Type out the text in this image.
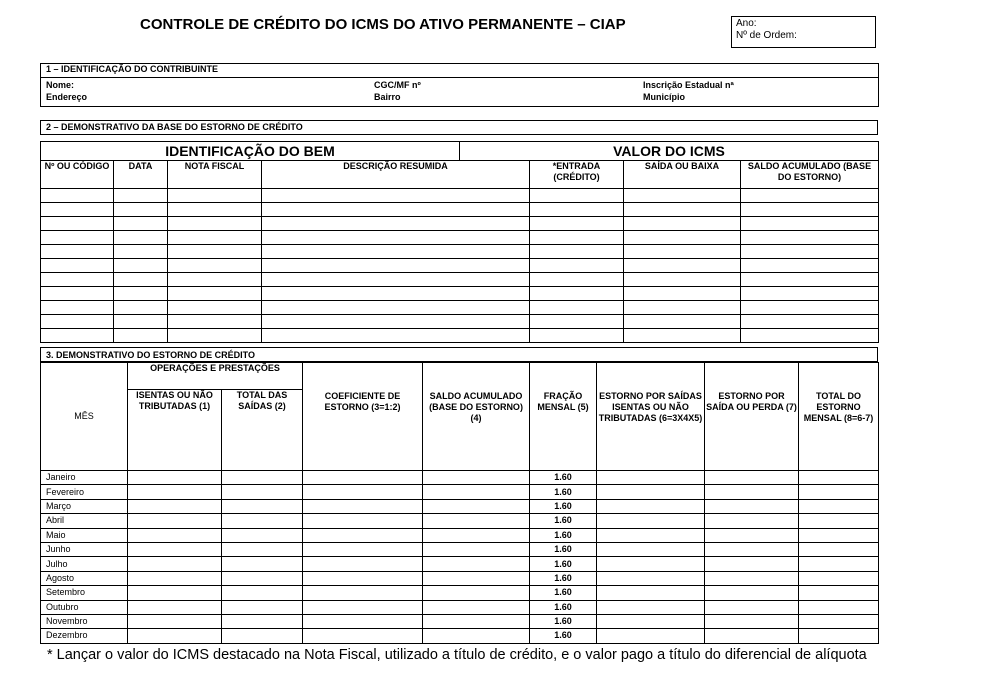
CONTROLE DE CRÉDITO DO ICMS DO ATIVO PERMANENTE – CIAP	Ano:
Nº de Ordem:
1 – IDENTIFICAÇÃO DO CONTRIBUINTE

Nome:	CGC/MF nº	Inscrição Estadual nª
Endereço	Bairro	Município
2 – DEMONSTRATIVO DA BASE DO ESTORNO DE CRÉDITO
IDENTIFICAÇÃO DO BEM				VALOR DO ICMS			
Nº OU CÓDIGO	DATA	NOTA FISCAL	DESCRIÇÃO RESUMIDA		*ENTRADA (CRÉDITO)	SAÍDA OU BAIXA	SALDO ACUMULADO (BASE DO ESTORNO)

3. DEMONSTRATIVO DO ESTORNO DE CRÉDITO
MÊS	OPERAÇÕES E PRESTAÇÕES		COEFICIENTE DE ESTORNO (3=1:2)	SALDO ACUMULADO (BASE DO ESTORNO) (4)	FRAÇÃO MENSAL (5)	ESTORNO POR SAÍDAS ISENTAS OU NÃO TRIBUTADAS (6=3X4X5)	ESTORNO POR SAÍDA OU PERDA (7)	TOTAL DO ESTORNO MENSAL (8=6-7)
	ISENTAS OU NÃO TRIBUTADAS (1)	TOTAL DAS SAÍDAS (2)						
Janeiro					1.60			
Fevereiro					1.60			
Março					1.60			
Abril					1.60			
Maio					1.60			
Junho					1.60			
Julho					1.60			
Agosto					1.60			
Setembro					1.60			
Outubro					1.60			
Novembro					1.60			
Dezembro					1.60			
* Lançar o valor do ICMS destacado na Nota Fiscal, utilizado a título de crédito, e o valor pago a título do diferencial de alíquota
